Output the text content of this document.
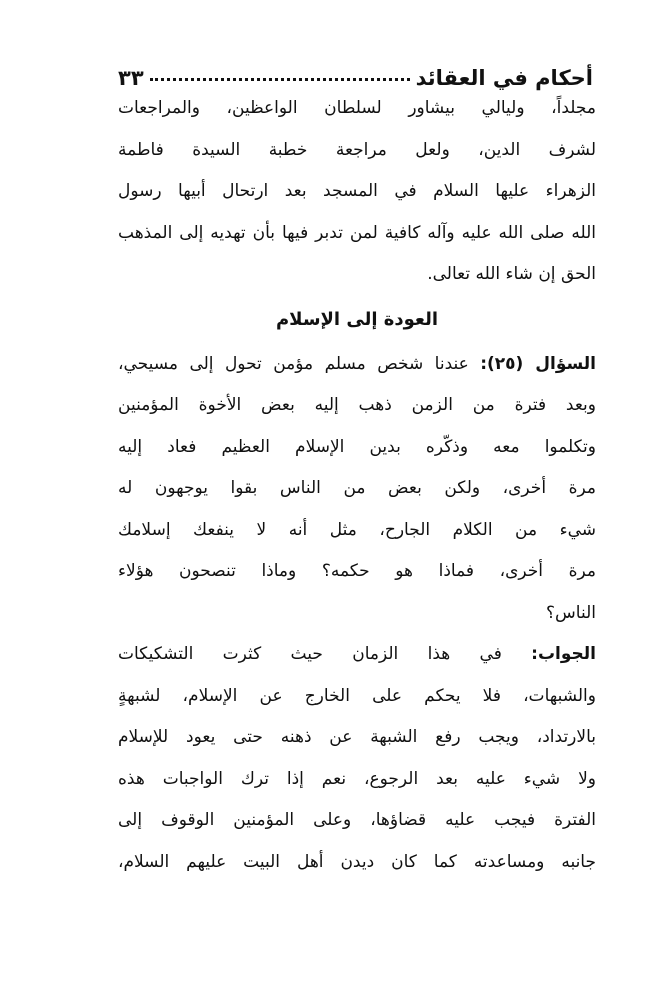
أحكام في العقائد
٣٣
مجلداً، وليالي بيشاور لسلطان الواعظين، والمراجعات
لشرف الدين، ولعل مراجعة خطبة السيدة فاطمة
الزهراء عليها السلام في المسجد بعد ارتحال أبيها رسول
الله صلى الله عليه وآله كافية لمن تدبر فيها بأن تهديه إلى المذهب
الحق إن شاء الله تعالى.
العودة إلى الإسلام
السؤال (٢٥): عندنا شخص مسلم مؤمن تحول إلى مسيحي،
وبعد فترة من الزمن ذهب إليه بعض الأخوة المؤمنين
وتكلموا معه وذكّره بدين الإسلام العظيم فعاد إليه
مرة أخرى، ولكن بعض من الناس بقوا يوجهون له
شيء من الكلام الجارح، مثل أنه لا ينفعك إسلامك
مرة أخرى، فماذا هو حكمه؟ وماذا تنصحون هؤلاء
الناس؟
الجواب: في هذا الزمان حيث كثرت التشكيكات
والشبهات، فلا يحكم على الخارج عن الإسلام، لشبهةٍ
بالارتداد، ويجب رفع الشبهة عن ذهنه حتى يعود للإسلام
ولا شيء عليه بعد الرجوع، نعم إذا ترك الواجبات هذه
الفترة فيجب عليه قضاؤها، وعلى المؤمنين الوقوف إلى
جانبه ومساعدته كما كان ديدن أهل البيت عليهم السلام،
